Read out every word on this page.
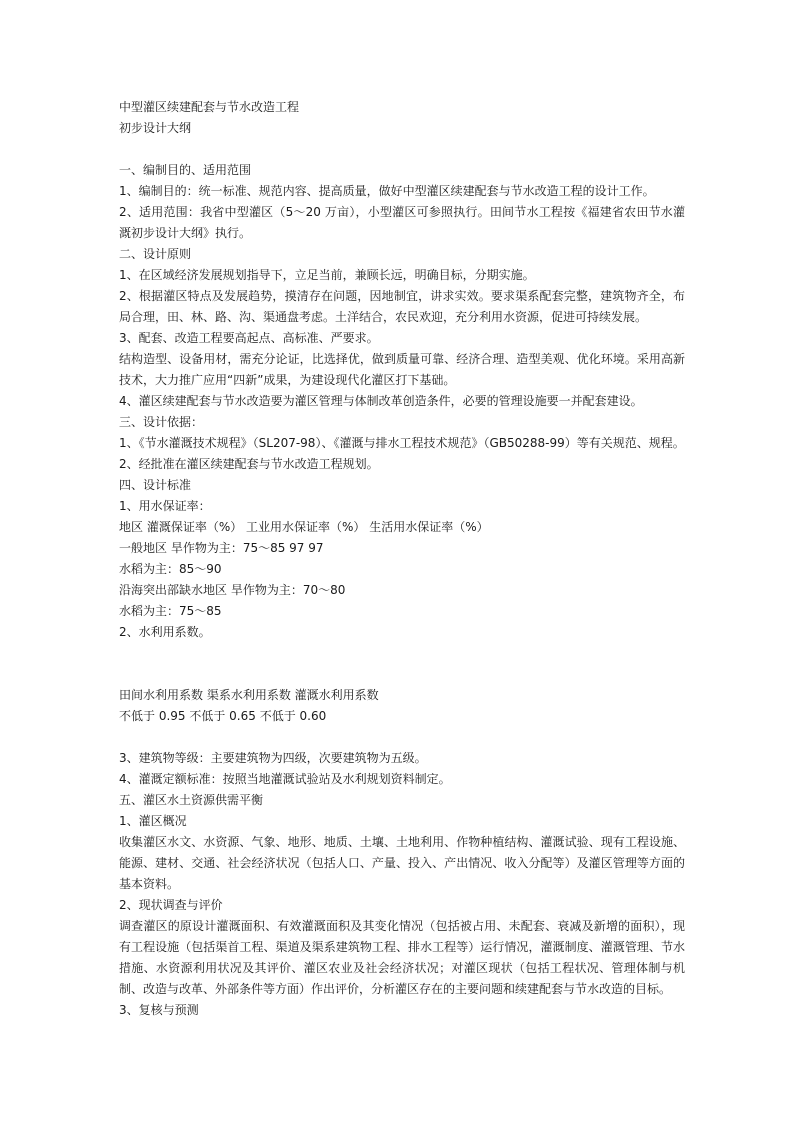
中型灌区续建配套与节水改造工程
初步设计大纲
一、编制目的、适用范围
1、编制目的：统一标准、规范内容、提高质量，做好中型灌区续建配套与节水改造工程的设计工作。
2、适用范围：我省中型灌区（5～20 万亩），小型灌区可参照执行。田间节水工程按《福建省农田节水灌溉初步设计大纲》执行。
二、设计原则
1、在区域经济发展规划指导下，立足当前，兼顾长远，明确目标，分期实施。
2、根据灌区特点及发展趋势，摸清存在问题，因地制宜，讲求实效。要求渠系配套完整，建筑物齐全，布局合理，田、林、路、沟、渠通盘考虑。土洋结合，农民欢迎，充分利用水资源，促进可持续发展。
3、配套、改造工程要高起点、高标准、严要求。
结构造型、设备用材，需充分论证，比选择优，做到质量可靠、经济合理、造型美观、优化环境。采用高新技术，大力推广应用“四新”成果，为建设现代化灌区打下基础。
4、灌区续建配套与节水改造要为灌区管理与体制改革创造条件，必要的管理设施要一并配套建设。
三、设计依据：
1、《节水灌溉技术规程》（SL207-98）、《灌溉与排水工程技术规范》（GB50288-99）等有关规范、规程。
2、经批准在灌区续建配套与节水改造工程规划。
四、设计标准
1、用水保证率：
地区 灌溉保证率（%） 工业用水保证率（%） 生活用水保证率（%）
一般地区 旱作物为主：75～85 97 97
水稻为主：85～90
沿海突出部缺水地区 旱作物为主：70～80
水稻为主：75～85
2、水利用系数。
田间水利用系数 渠系水利用系数 灌溉水利用系数
不低于 0.95 不低于 0.65 不低于 0.60
3、建筑物等级：主要建筑物为四级，次要建筑物为五级。
4、灌溉定额标准：按照当地灌溉试验站及水利规划资料制定。
五、灌区水土资源供需平衡
1、灌区概况
收集灌区水文、水资源、气象、地形、地质、土壤、土地利用、作物种植结构、灌溉试验、现有工程设施、能源、建材、交通、社会经济状况（包括人口、产量、投入、产出情况、收入分配等）及灌区管理等方面的基本资料。
2、现状调查与评价
调查灌区的原设计灌溉面积、有效灌溉面积及其变化情况（包括被占用、未配套、衰减及新增的面积），现有工程设施（包括渠首工程、渠道及渠系建筑物工程、排水工程等）运行情况，灌溉制度、灌溉管理、节水措施、水资源利用状况及其评价、灌区农业及社会经济状况；对灌区现状（包括工程状况、管理体制与机制、改造与改革、外部条件等方面）作出评价，分析灌区存在的主要问题和续建配套与节水改造的目标。
3、复核与预测
